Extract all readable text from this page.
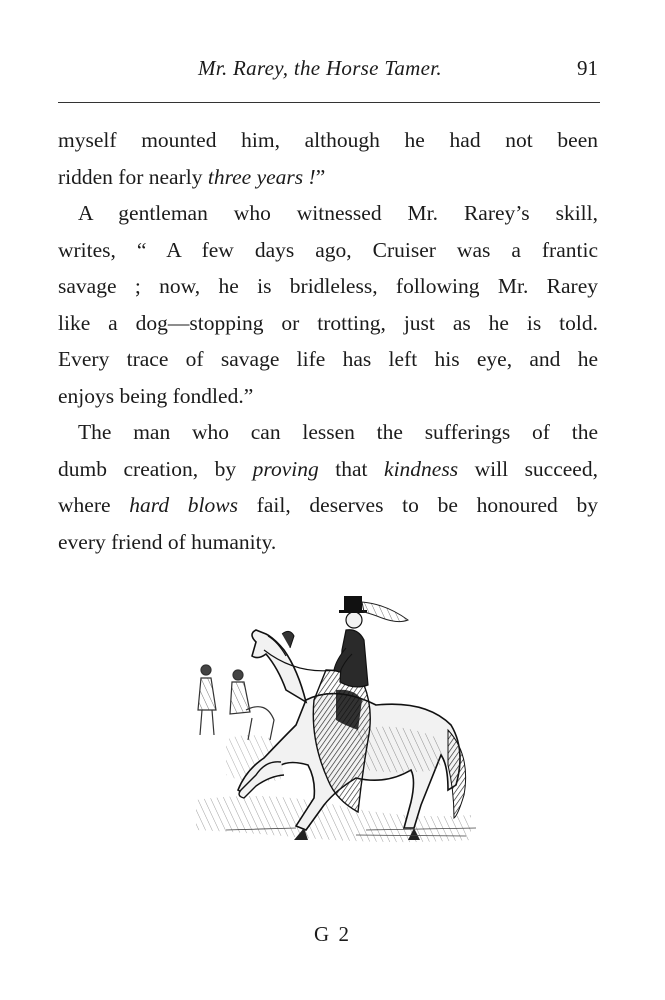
Mr. Rarey, the Horse Tamer.	91
myself mounted him, although he had not been
ridden for nearly three years !”
A gentleman who witnessed Mr. Rarey’s skill,
writes, “ A few days ago, Cruiser was a frantic
savage ; now, he is bridleless, following Mr. Rarey
like a dog—stopping or trotting, just as he is told.
Every trace of savage life has left his eye, and he
enjoys being fondled.”
The man who can lessen the sufferings of the
dumb creation, by proving that kindness will succeed,
where hard blows fail, deserves to be honoured by
every friend of humanity.
G 2
